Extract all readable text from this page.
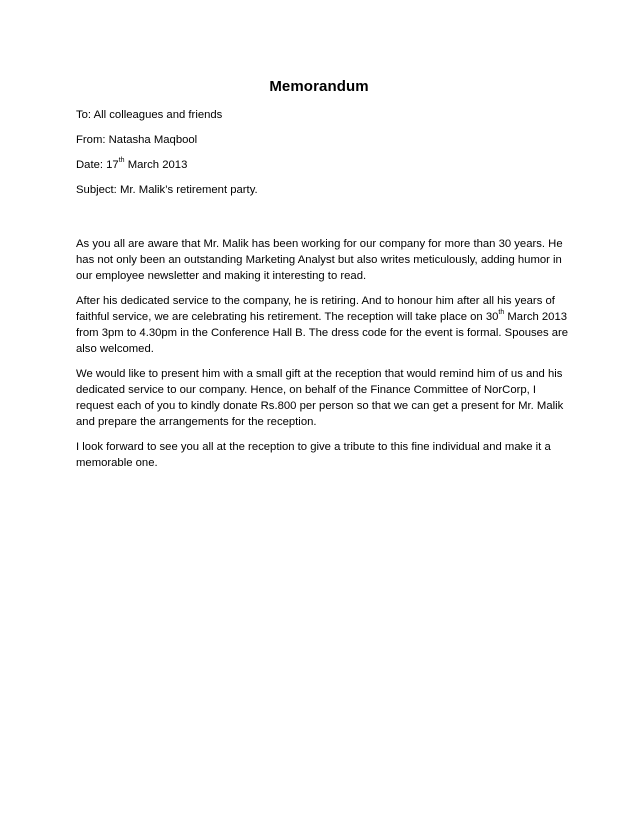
Memorandum
To: All colleagues and friends
From: Natasha Maqbool
Date: 17th March 2013
Subject: Mr. Malik’s retirement party.

As you all are aware that Mr. Malik has been working for our company for more than 30 years. He has not only been an outstanding Marketing Analyst but also writes meticulously, adding humor in our employee newsletter and making it interesting to read.

After his dedicated service to the company, he is retiring. And to honour him after all his years of faithful service, we are celebrating his retirement. The reception will take place on 30th March 2013 from 3pm to 4.30pm in the Conference Hall B. The dress code for the event is formal. Spouses are also welcomed.

We would like to present him with a small gift at the reception that would remind him of us and his dedicated service to our company. Hence, on behalf of the Finance Committee of NorCorp, I request each of you to kindly donate Rs.800 per person so that we can get a present for Mr. Malik and prepare the arrangements for the reception.

I look forward to see you all at the reception to give a tribute to this fine individual and make it a memorable one.
